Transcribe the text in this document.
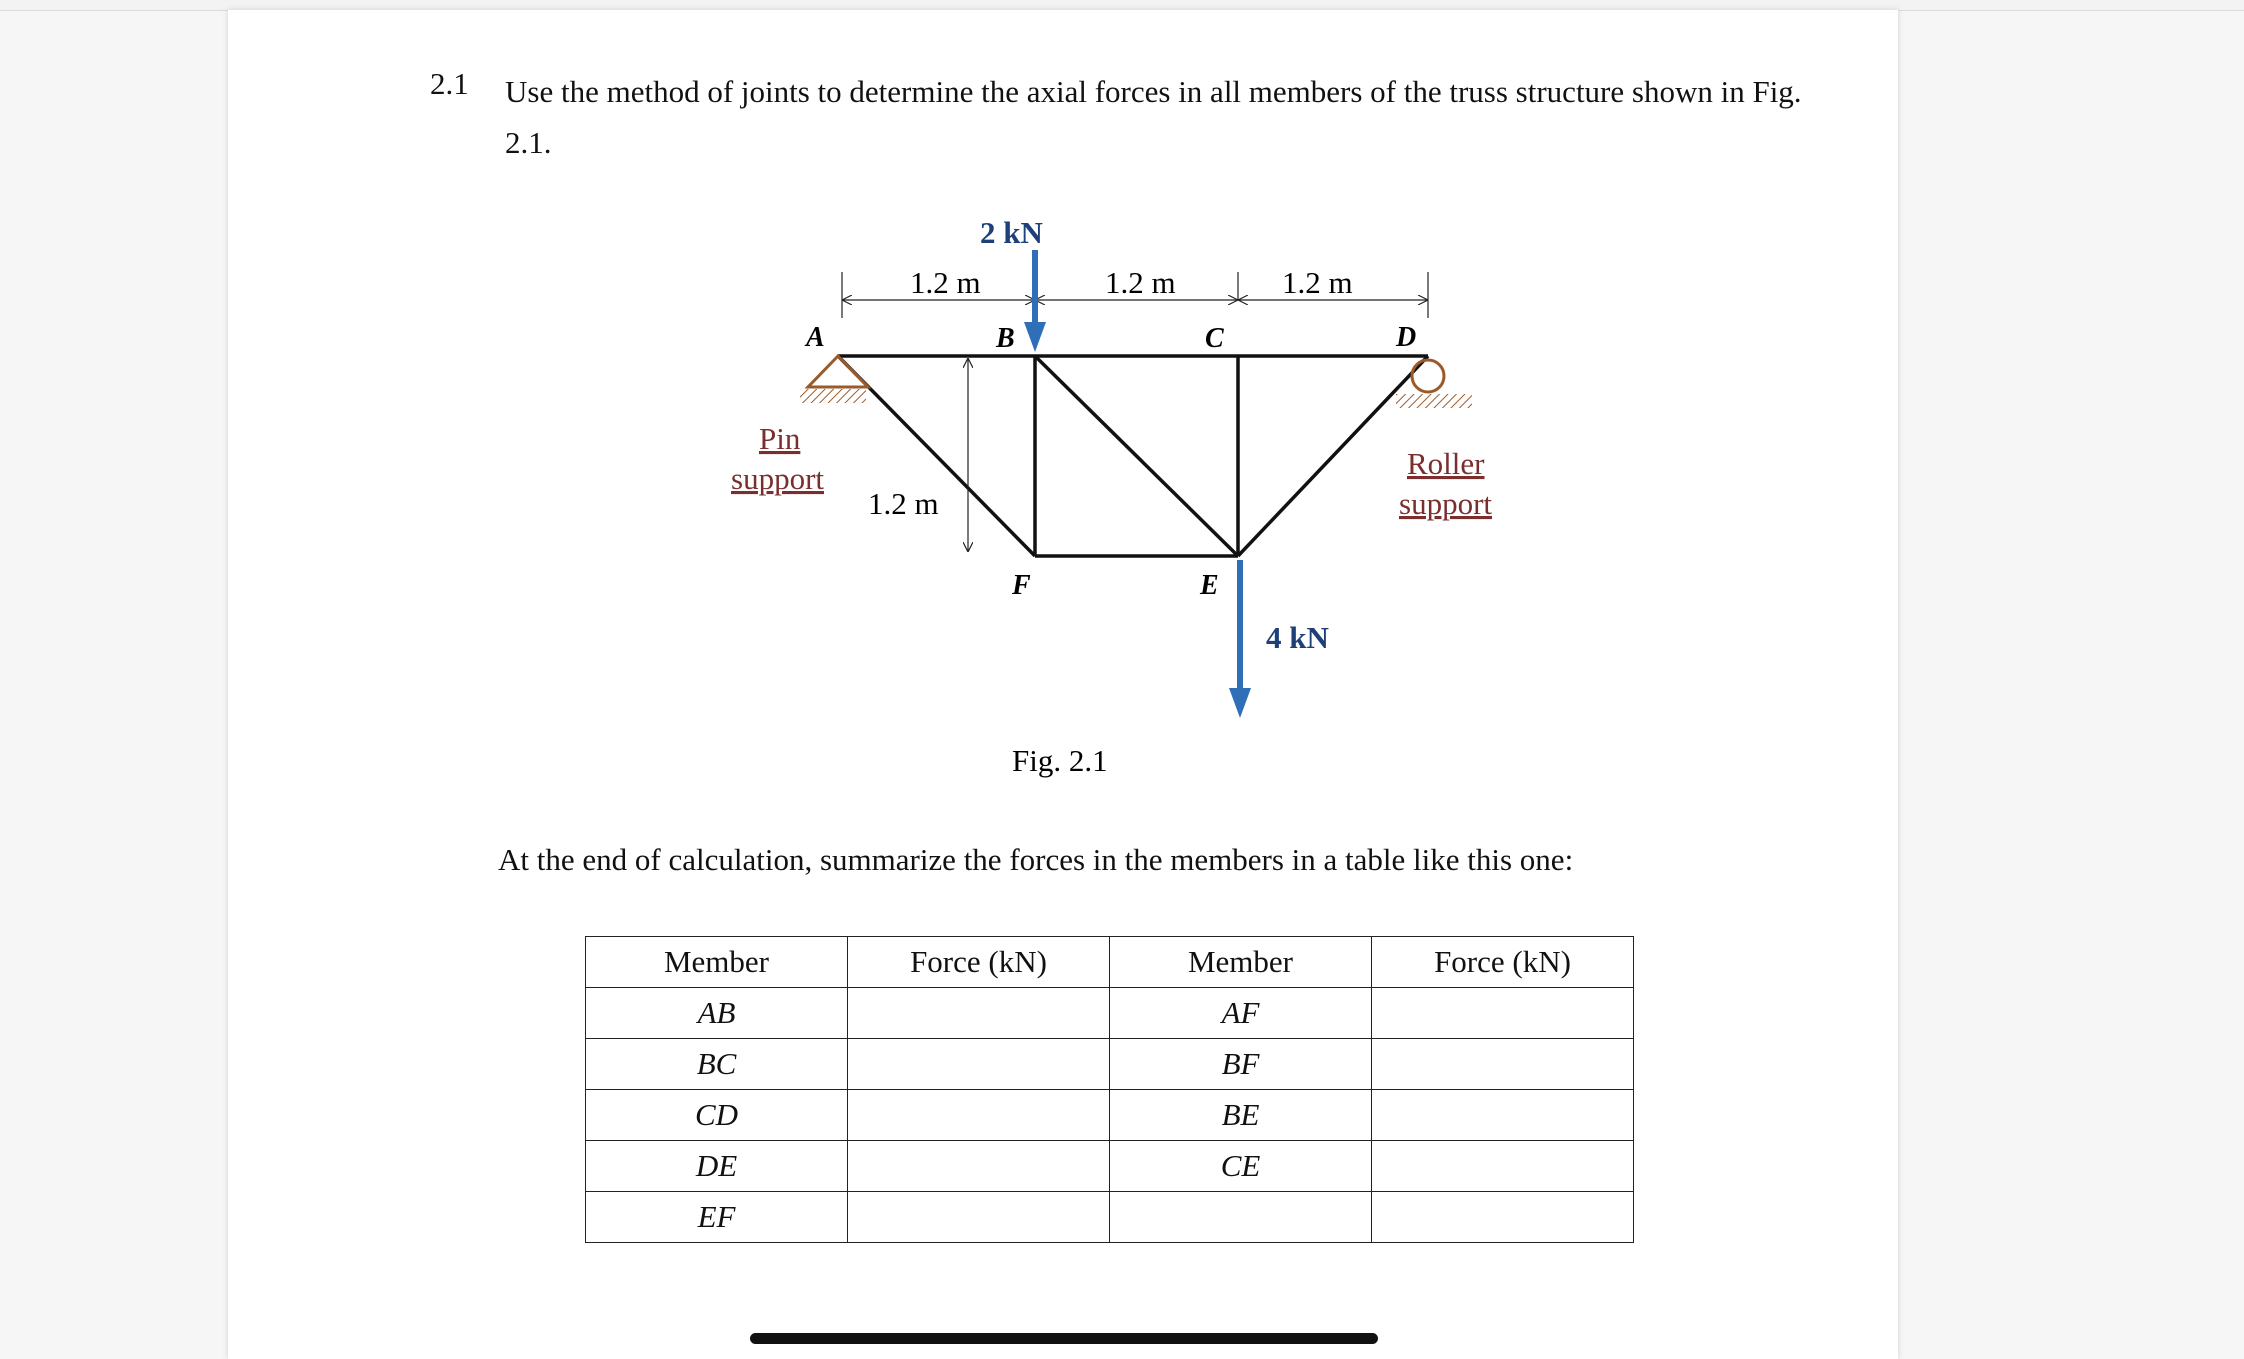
2.1 Use the method of joints to determine the axial forces in all members of the truss structure shown in Fig. 2.1.
2 kN
4 kN
1.2 m	1.2 m	1.2 m
1.2 m
A	B	C	D
F	E
Pin
support	Roller
support
Fig. 2.1
At the end of calculation, summarize the forces in the members in a table like this one:
Member	Force (kN)	Member	Force (kN)
AB		AF	
BC		BF	
CD		BE	
DE		CE	
EF			
